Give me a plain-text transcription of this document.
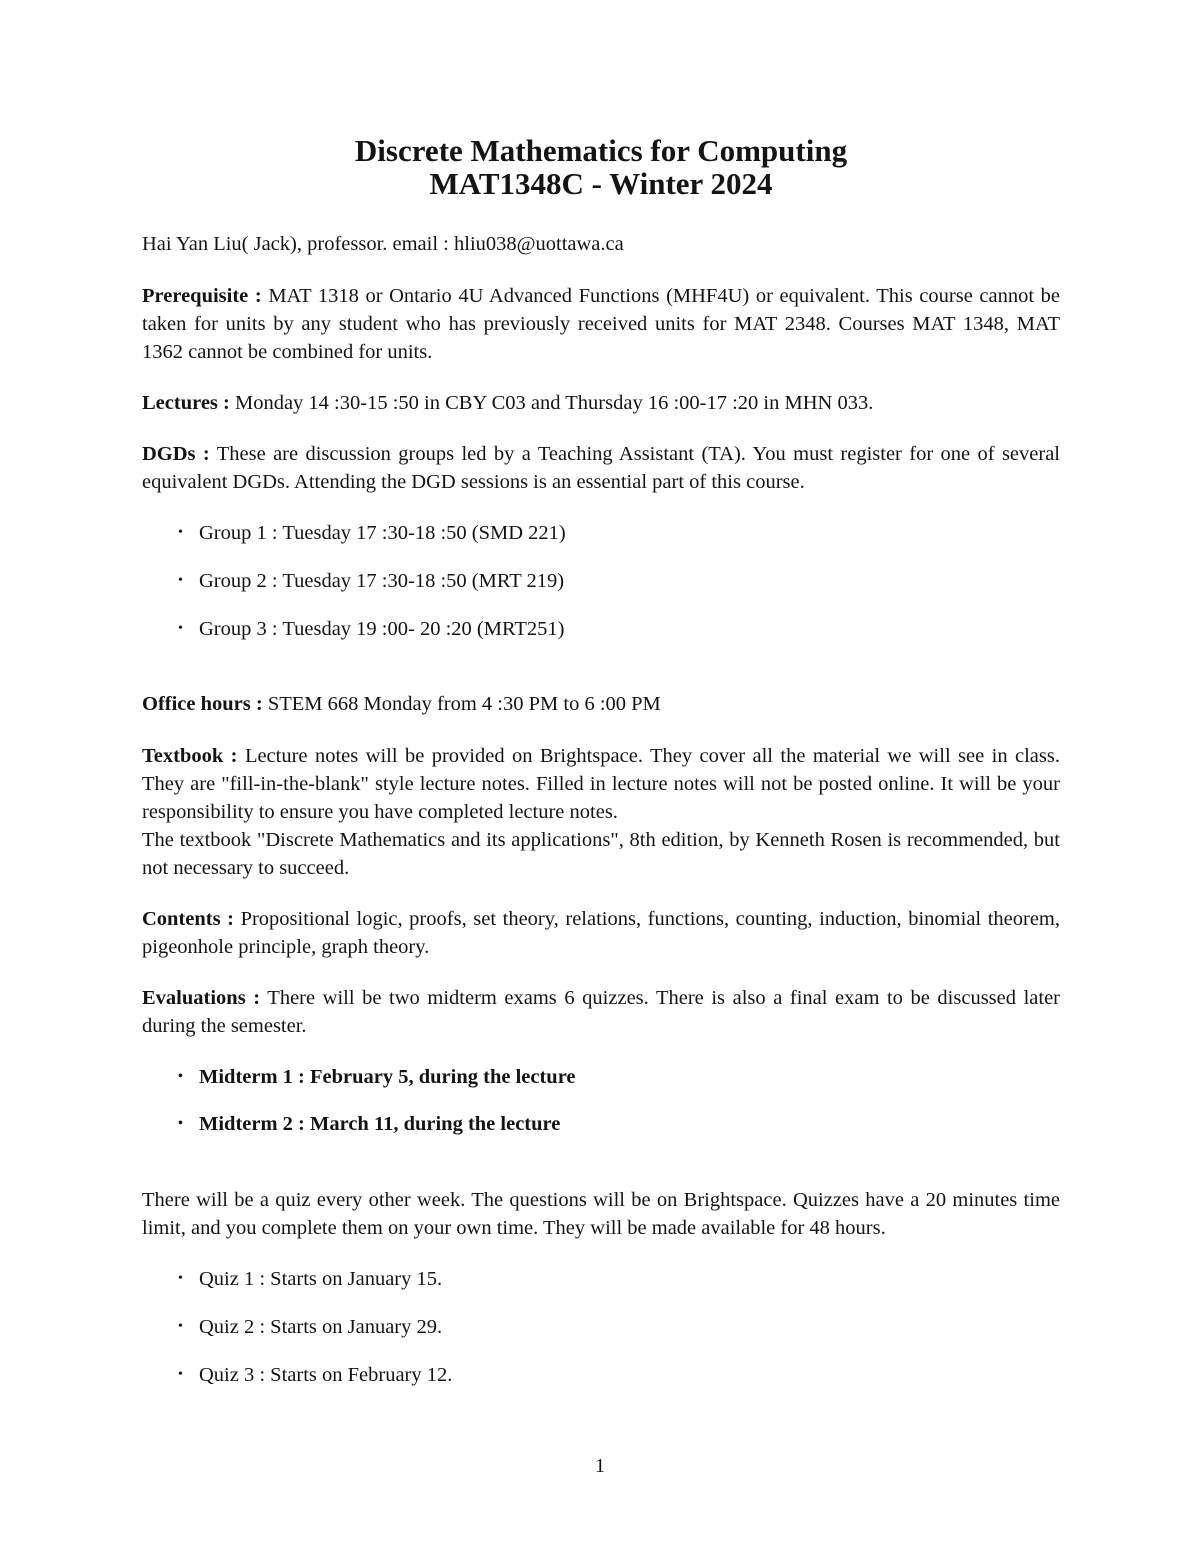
Discrete Mathematics for Computing
MAT1348C - Winter 2024

Hai Yan Liu( Jack), professor. email : hliu038@uottawa.ca

Prerequisite : MAT 1318 or Ontario 4U Advanced Functions (MHF4U) or equivalent. This course cannot be taken for units by any student who has previously received units for MAT 2348. Courses MAT 1348, MAT 1362 cannot be combined for units.

Lectures : Monday 14 :30-15 :50 in CBY C03 and Thursday 16 :00-17 :20 in MHN 033.

DGDs : These are discussion groups led by a Teaching Assistant (TA). You must register for one of several equivalent DGDs. Attending the DGD sessions is an essential part of this course.

• Group 1 : Tuesday 17 :30-18 :50 (SMD 221)
• Group 2 : Tuesday 17 :30-18 :50 (MRT 219)
• Group 3 : Tuesday 19 :00- 20 :20 (MRT251)

Office hours : STEM 668 Monday from 4 :30 PM to 6 :00 PM

Textbook : Lecture notes will be provided on Brightspace. They cover all the material we will see in class. They are "fill-in-the-blank" style lecture notes. Filled in lecture notes will not be posted online. It will be your responsibility to ensure you have completed lecture notes.
The textbook "Discrete Mathematics and its applications", 8th edition, by Kenneth Rosen is recommended, but not necessary to succeed.

Contents : Propositional logic, proofs, set theory, relations, functions, counting, induction, binomial theorem, pigeonhole principle, graph theory.

Evaluations : There will be two midterm exams 6 quizzes. There is also a final exam to be discussed later during the semester.

• Midterm 1 : February 5, during the lecture
• Midterm 2 : March 11, during the lecture

There will be a quiz every other week. The questions will be on Brightspace. Quizzes have a 20 minutes time limit, and you complete them on your own time. They will be made available for 48 hours.

• Quiz 1 : Starts on January 15.
• Quiz 2 : Starts on January 29.
• Quiz 3 : Starts on February 12.
1
